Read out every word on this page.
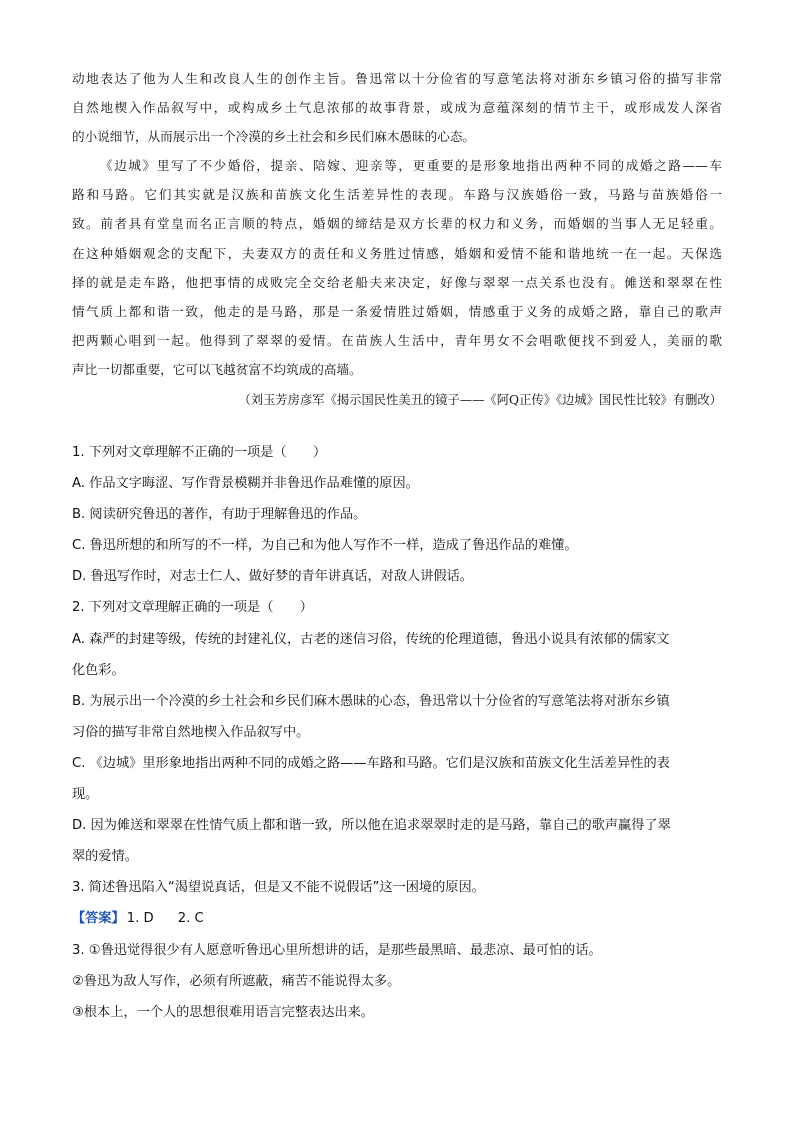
动地表达了他为人生和改良人生的创作主旨。鲁迅常以十分俭省的写意笔法将对浙东乡镇习俗的描写非常
自然地楔入作品叙写中，或构成乡土气息浓郁的故事背景，或成为意蕴深刻的情节主干，或形成发人深省
的小说细节，从而展示出一个冷漠的乡土社会和乡民们麻木愚昧的心态。
《边城》里写了不少婚俗，提亲、陪嫁、迎亲等，更重要的是形象地指出两种不同的成婚之路——车
路和马路。它们其实就是汉族和苗族文化生活差异性的表现。车路与汉族婚俗一致，马路与苗族婚俗一
致。前者具有堂皇而名正言顺的特点，婚姻的缔结是双方长辈的权力和义务，而婚姻的当事人无足轻重。
在这种婚姻观念的支配下，夫妻双方的责任和义务胜过情感，婚姻和爱情不能和谐地统一在一起。天保选
择的就是走车路，他把事情的成败完全交给老船夫来决定，好像与翠翠一点关系也没有。傩送和翠翠在性
情气质上都和谐一致，他走的是马路，那是一条爱情胜过婚姻，情感重于义务的成婚之路，靠自己的歌声
把两颗心唱到一起。他得到了翠翠的爱情。在苗族人生活中，青年男女不会唱歌便找不到爱人，美丽的歌
声比一切都重要，它可以飞越贫富不均筑成的高墙。
（刘玉芳房彦军《揭示国民性美丑的镜子——《阿Q正传》《边城》国民性比较》有删改）
1. 下列对文章理解不正确的一项是（　　）
A. 作品文字晦涩、写作背景模糊并非鲁迅作品难懂的原因。
B. 阅读研究鲁迅的著作，有助于理解鲁迅的作品。
C. 鲁迅所想的和所写的不一样，为自己和为他人写作不一样，造成了鲁迅作品的难懂。
D. 鲁迅写作时，对志士仁人、做好梦的青年讲真话，对敌人讲假话。
2. 下列对文章理解正确的一项是（　　）
A. 森严的封建等级，传统的封建礼仪，古老的迷信习俗，传统的伦理道德，鲁迅小说具有浓郁的儒家文
化色彩。
B. 为展示出一个冷漠的乡土社会和乡民们麻木愚昧的心态，鲁迅常以十分俭省的写意笔法将对浙东乡镇
习俗的描写非常自然地楔入作品叙写中。
C. 《边城》里形象地指出两种不同的成婚之路——车路和马路。它们是汉族和苗族文化生活差异性的表
现。
D. 因为傩送和翠翠在性情气质上都和谐一致，所以他在追求翠翠时走的是马路，靠自己的歌声赢得了翠
翠的爱情。
3. 简述鲁迅陷入“渴望说真话，但是又不能不说假话”这一困境的原因。
【答案】 1. D 2. C
3. ①鲁迅觉得很少有人愿意听鲁迅心里所想讲的话，是那些最黑暗、最悲凉、最可怕的话。
②鲁迅为敌人写作，必须有所遮蔽，痛苦不能说得太多。
③根本上，一个人的思想很难用语言完整表达出来。
